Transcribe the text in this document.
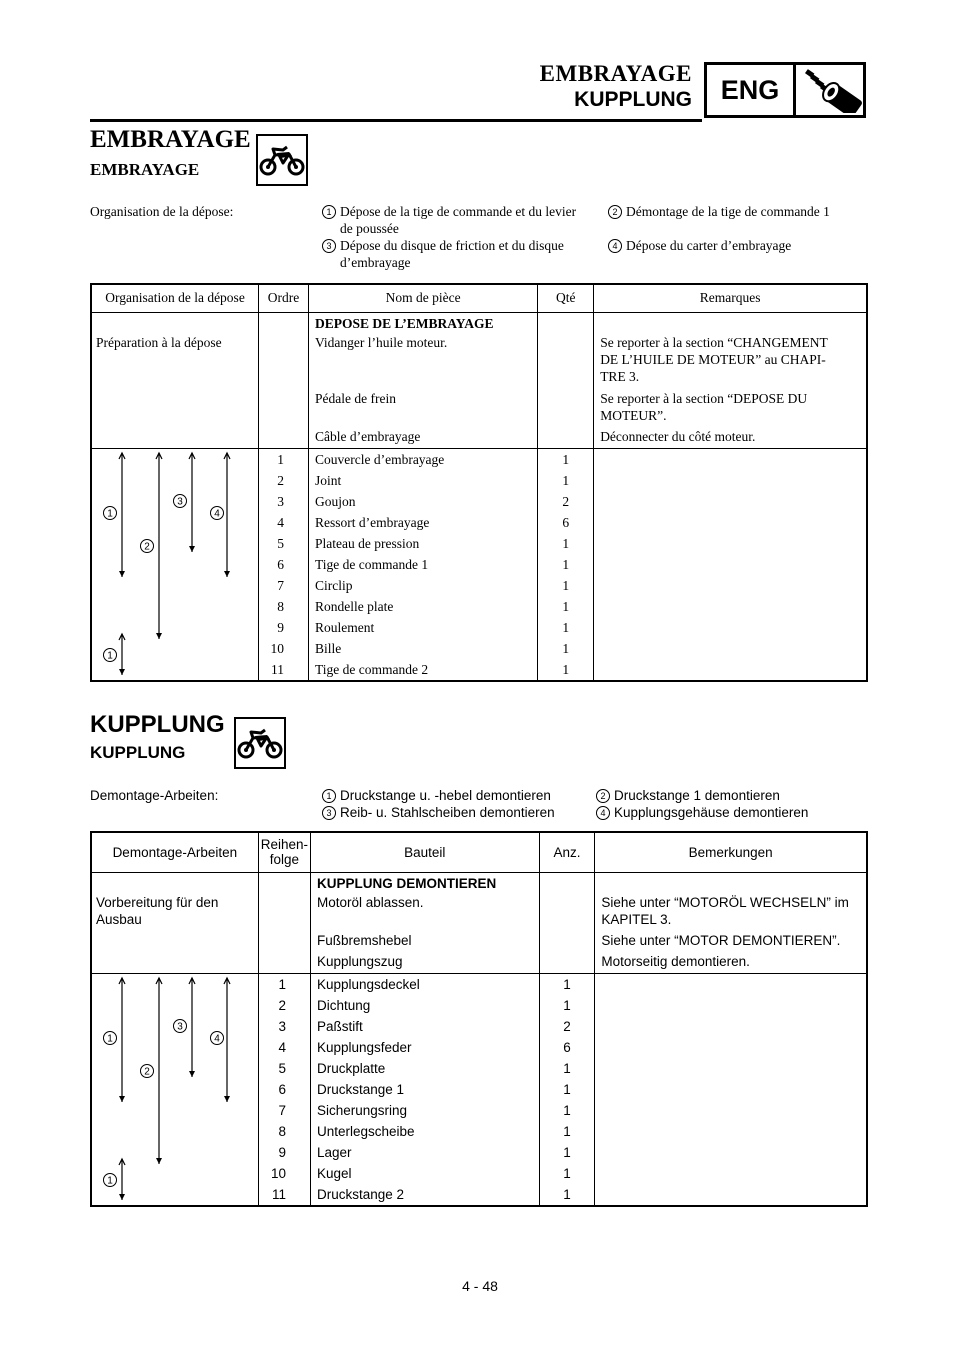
EMBRAYAGE
KUPPLUNG	ENG
EMBRAYAGE
EMBRAYAGE
Organisation de la dépose:	1 Dépose de la tige de commande et du levier de poussée
2 Démontage de la tige de commande 1
3 Dépose du disque de friction et du disque d’embrayage
4 Dépose du carter d’embrayage
Organisation de la dépose	Ordre	Nom de pièce	Qté	Remarques
		DEPOSE DE L’EMBRAYAGE		
Préparation à la dépose		Vidanger l’huile moteur.		Se reporter à la section “CHANGEMENT DE L’HUILE DE MOTEUR” au CHAPI-TRE 3.
		Pédale de frein		Se reporter à la section “DEPOSE DU MOTEUR”.
		Câble d’embrayage		Déconnecter du côté moteur.

1
2
3
4
1	1	Couvercle d’embrayage	1	
	2	Joint	1	
	3	Goujon	2	
	4	Ressort d’embrayage	6	
	5	Plateau de pression	1	
	6	Tige de commande 1	1	
	7	Circlip	1	
	8	Rondelle plate	1	
	9	Roulement	1	
	10	Bille	1	
	11	Tige de commande 2	1	
KUPPLUNG
KUPPLUNG
Demontage-Arbeiten:	1 Druckstange u. -hebel demontieren	2 Druckstange 1 demontieren
3 Reib- u. Stahlscheiben demontieren	4 Kupplungsgehäuse demontieren
Demontage-Arbeiten	Reihen-folge	Bauteil	Anz.	Bemerkungen
		KUPPLUNG DEMONTIEREN		
Vorbereitung für den Ausbau		Motoröl ablassen.		Siehe unter “MOTORÖL WECHSELN” im KAPITEL 3.
		Fußbremshebel		Siehe unter “MOTOR DEMONTIEREN”.
		Kupplungszug		Motorseitig demontieren.

1
2
3
4
1	1	Kupplungsdeckel	1	
	2	Dichtung	1	
	3	Paßstift	2	
	4	Kupplungsfeder	6	
	5	Druckplatte	1	
	6	Druckstange 1	1	
	7	Sicherungsring	1	
	8	Unterlegscheibe	1	
	9	Lager	1	
	10	Kugel	1	
	11	Druckstange 2	1	
4 - 48
